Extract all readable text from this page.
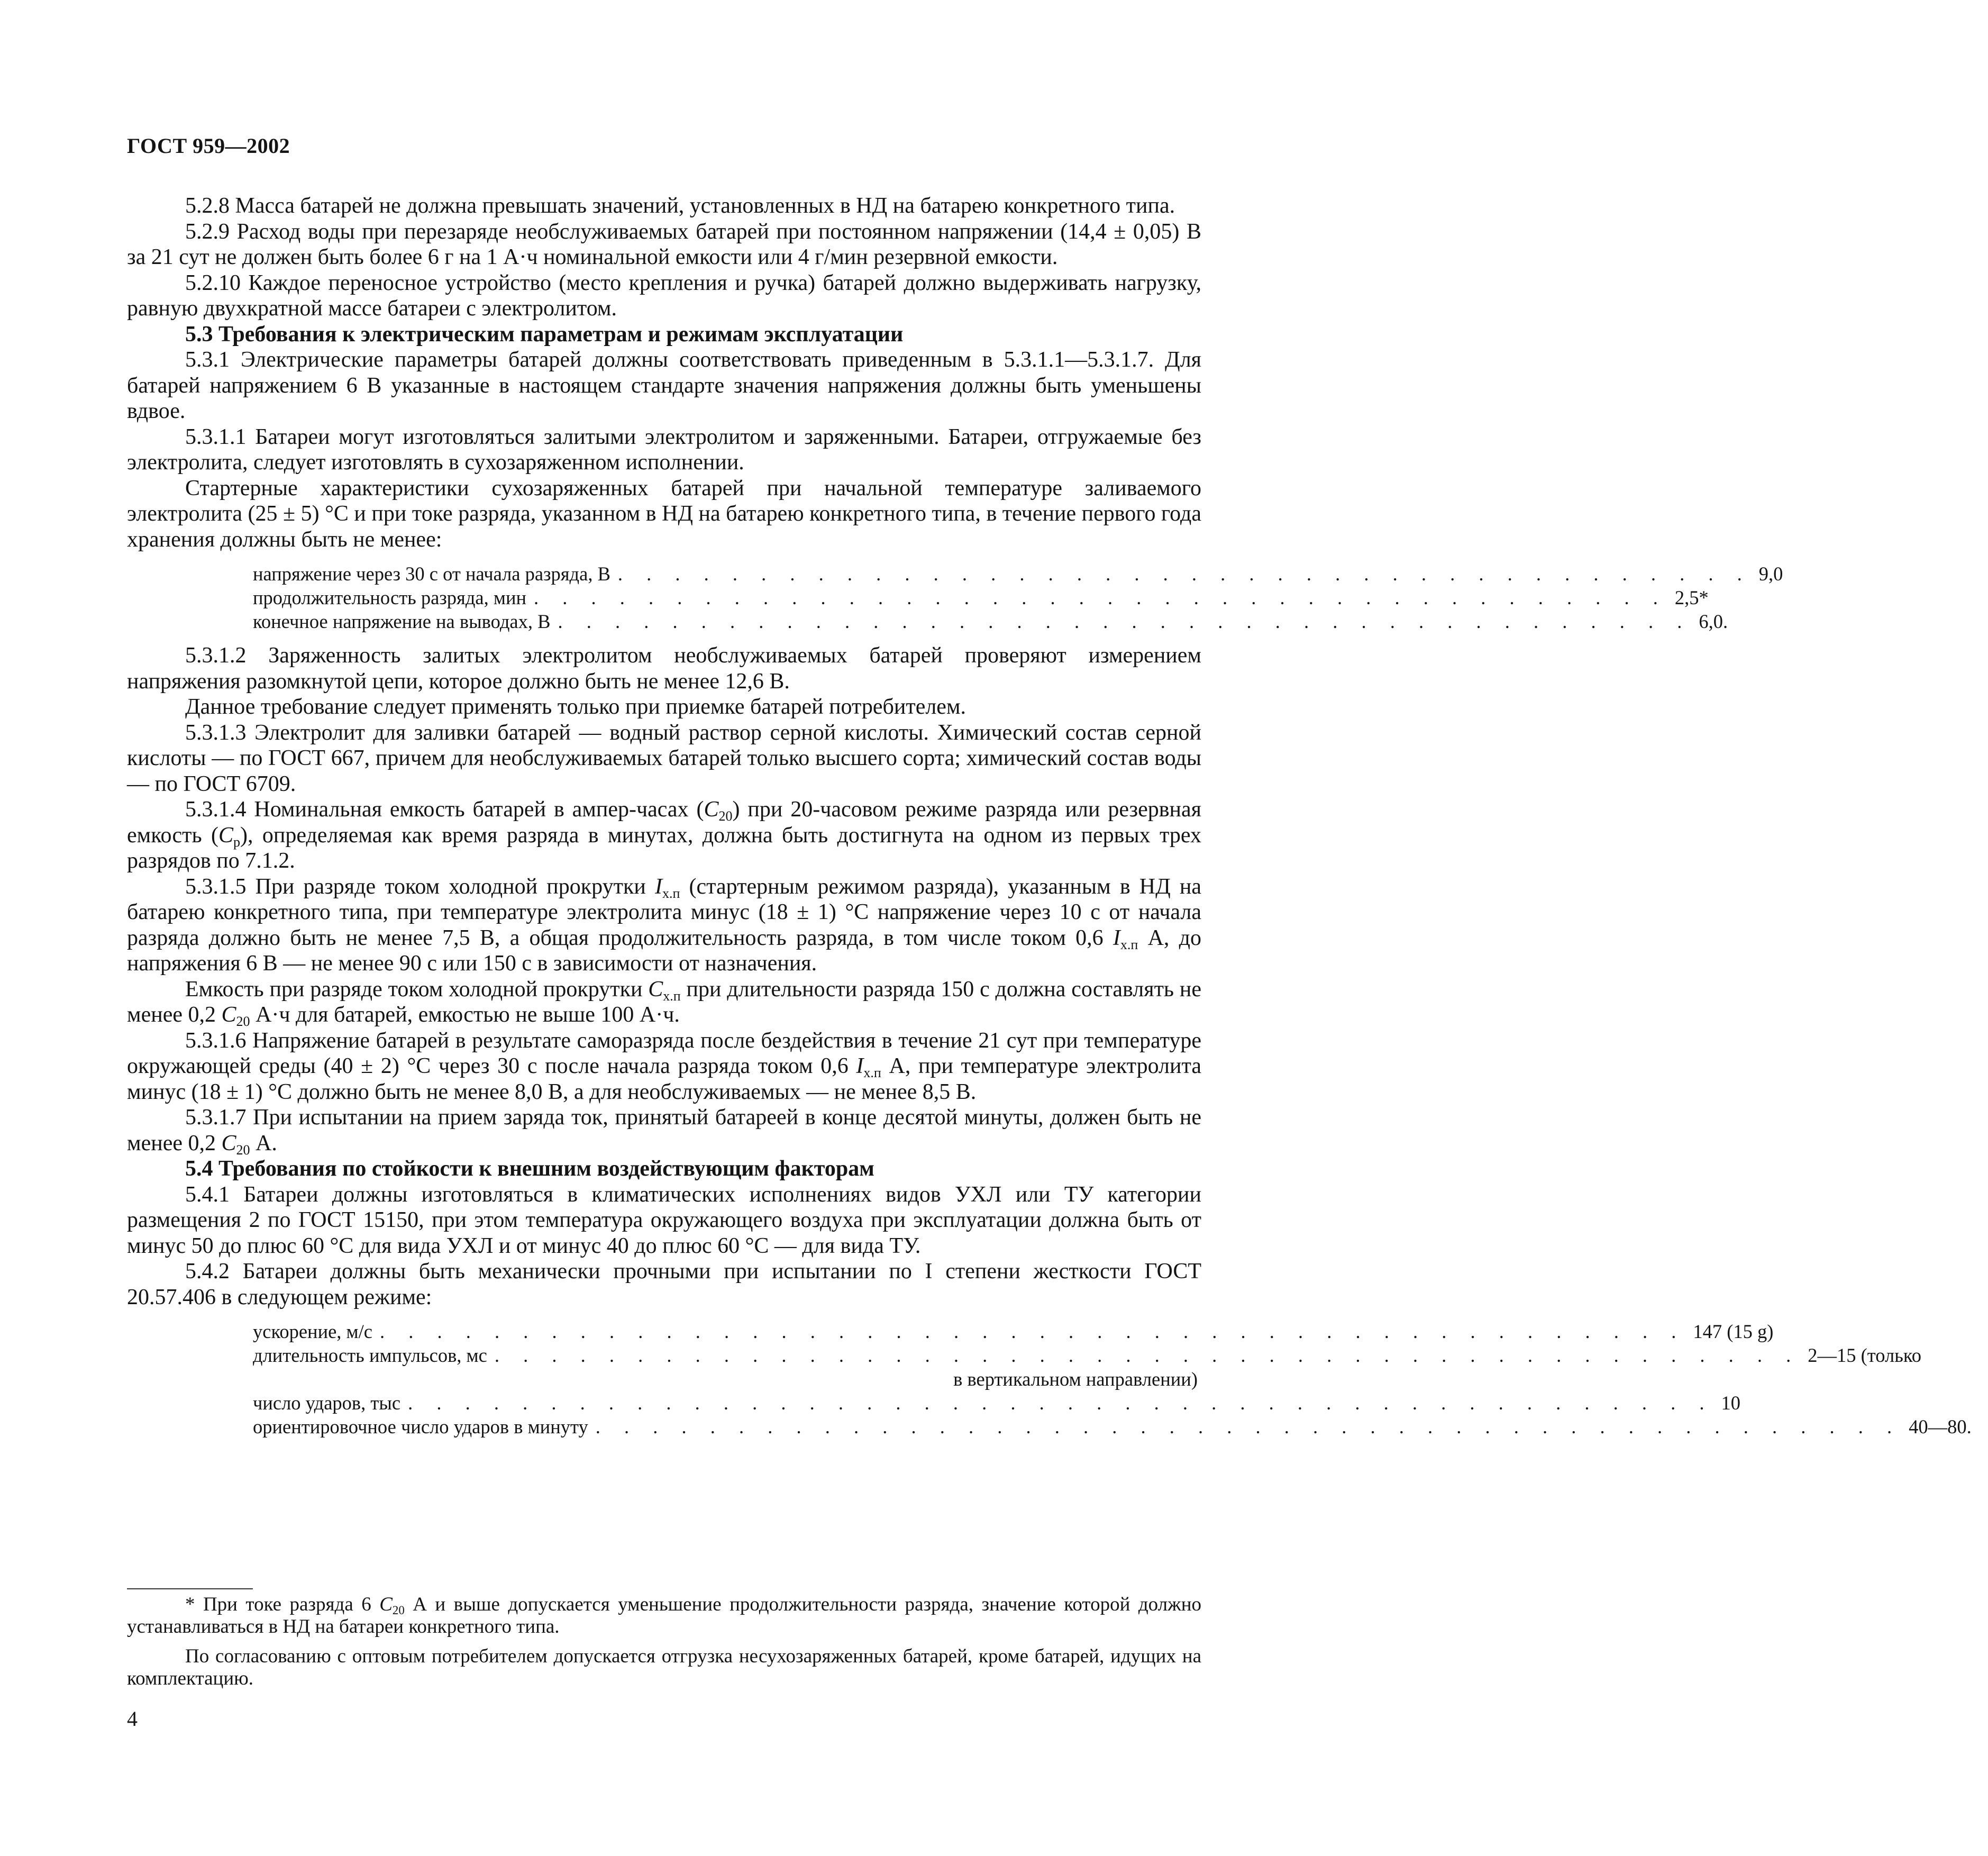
ГОСТ 959—2002

5.2.8 Масса батарей не должна превышать значений, установленных в НД на батарею конкретного типа.

5.2.9 Расход воды при перезаряде необслуживаемых батарей при постоянном напряжении (14,4 ± 0,05) В за 21 сут не должен быть более 6 г на 1 А·ч номинальной емкости или 4 г/мин резервной емкости.

5.2.10 Каждое переносное устройство (место крепления и ручка) батарей должно выдерживать нагрузку, равную двухкратной массе батареи с электролитом.

5.3 Требования к электрическим параметрам и режимам эксплуатации

5.3.1 Электрические параметры батарей должны соответствовать приведенным в 5.3.1.1—5.3.1.7. Для батарей напряжением 6 В указанные в настоящем стандарте значения напряжения должны быть уменьшены вдвое.

5.3.1.1 Батареи могут изготовляться залитыми электролитом и заряженными. Батареи, отгружаемые без электролита, следует изготовлять в сухозаряженном исполнении.

Стартерные характеристики сухозаряженных батарей при начальной температуре заливаемого электролита (25 ± 5) °С и при токе разряда, указанном в НД на батарею конкретного типа, в течение первого года хранения должны быть не менее:

напряжение через 30 с от начала разряда, В . . . . . . . . . . . . . . . . . . . . . . . . . . . . . . . . . . . . . . . . 9,0
продолжительность разряда, мин . . . . . . . . . . . . . . . . . . . . . . . . . . . . . . . . . . . . . . . . 2,5*
конечное напряжение на выводах, В . . . . . . . . . . . . . . . . . . . . . . . . . . . . . . . . . . . . . . . . 6,0.

5.3.1.2 Заряженность залитых электролитом необслуживаемых батарей проверяют измерением напряжения разомкнутой цепи, которое должно быть не менее 12,6 В.

Данное требование следует применять только при приемке батарей потребителем.

5.3.1.3 Электролит для заливки батарей — водный раствор серной кислоты. Химический состав серной кислоты — по ГОСТ 667, причем для необслуживаемых батарей только высшего сорта; химический состав воды — по ГОСТ 6709.

5.3.1.4 Номинальная емкость батарей в ампер-часах $(C_{20})$ при 20-часовом режиме разряда или резервная емкость $(C_p)$, определяемая как время разряда в минутах, должна быть достигнута на одном из первых трех разрядов по 7.1.2.

5.3.1.5 При разряде током холодной прокрутки $I_{х.п}$ (стартерным режимом разряда), указанным в НД на батарею конкретного типа, при температуре электролита минус (18 ± 1) °С напряжение через 10 с от начала разряда должно быть не менее 7,5 В, а общая продолжительность разряда, в том числе током 0,6 $I_{х.п}$ А, до напряжения 6 В — не менее 90 с или 150 с в зависимости от назначения.

Емкость при разряде током холодной прокрутки $C_{х.п}$ при длительности разряда 150 с должна составлять не менее 0,2 $C_{20}$ А·ч для батарей, емкостью не выше 100 А·ч.

5.3.1.6 Напряжение батарей в результате саморазряда после бездействия в течение 21 сут при температуре окружающей среды (40 ± 2) °С через 30 с после начала разряда током 0,6 $I_{х.п}$ А, при температуре электролита минус (18 ± 1) °С должно быть не менее 8,0 В, а для необслуживаемых — не менее 8,5 В.

5.3.1.7 При испытании на прием заряда ток, принятый батареей в конце десятой минуты, должен быть не менее 0,2 $C_{20}$ А.

5.4 Требования по стойкости к внешним воздействующим факторам

5.4.1 Батареи должны изготовляться в климатических исполнениях видов УХЛ или ТУ категории размещения 2 по ГОСТ 15150, при этом температура окружающего воздуха при эксплуатации должна быть от минус 50 до плюс 60 °С для вида УХЛ и от минус 40 до плюс 60 °С — для вида ТУ.

5.4.2 Батареи должны быть механически прочными при испытании по I степени жесткости ГОСТ 20.57.406 в следующем режиме:

ускорение, м/с . . . . . . . . . . . . . . . . . . . . . . . . . . . . . . . . . . . . . . . . . . . . . . 147 (15 g)
длительность импульсов, мс . . . . . . . . . . . . . . . . . . . . . . . . . . . . . . . . . . . . . . . . . . . . . . 2—15 (только
в вертикальном направлении)
число ударов, тыс . . . . . . . . . . . . . . . . . . . . . . . . . . . . . . . . . . . . . . . . . . . . . . 10
ориентировочное число ударов в минуту . . . . . . . . . . . . . . . . . . . . . . . . . . . . . . . . . . . . . . . . . . . . . . 40—80.

* При токе разряда 6 $C_{20}$ А и выше допускается уменьшение продолжительности разряда, значение которой должно устанавливаться в НД на батареи конкретного типа.

По согласованию с оптовым потребителем допускается отгрузка несухозаряженных батарей, кроме батарей, идущих на комплектацию.

4
